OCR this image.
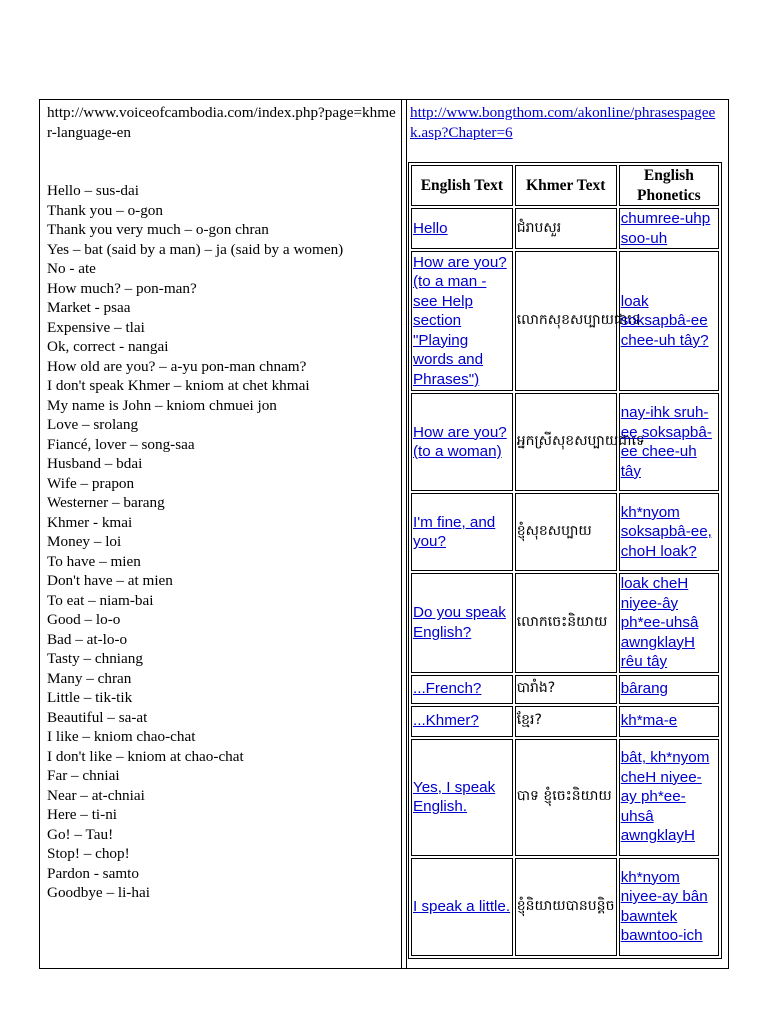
http://www.voiceofcambodia.com/index.php?page=khmer-language-en
Hello – sus-dai
Thank you – o-gon
Thank you very much – o-gon chran
Yes – bat (said by a man) – ja (said by a women)
No - ate
How much? – pon-man?
Market - psaa
Expensive – tlai
Ok, correct - nangai
How old are you? – a-yu pon-man chnam?
I don't speak Khmer – kniom at chet khmai
My name is John – kniom chmuei jon
Love – srolang
Fiancé, lover – song-saa
Husband – bdai
Wife – prapon
Westerner – barang
Khmer - kmai
Money – loi
To have – mien
Don't have – at mien
To eat – niam-bai
Good – lo-o
Bad – at-lo-o
Tasty – chniang
Many – chran
Little – tik-tik
Beautiful – sa-at
I like – kniom chao-chat
I don't like – kniom at chao-chat
Far – chniai
Near – at-chniai
Here – ti-ni
Go! – Tau!
Stop! – chop!
Pardon - samto
Goodbye – li-hai
http://www.bongthom.com/akonline/phrasespageek.asp?Chapter=6
English Text	Khmer Text	English Phonetics
Hello	ជំរាបសួរ	chumree-uhp soo-uh
How are you? (to a man - see Help section "Playing words and Phrases")	លោកសុខសប្បាយជាទេ	loak soksapbâ-ee chee-uh tây?
How are you? (to a woman)	អ្នកស្រីសុខសប្បាយជាទេ	nay-ihk sruh-ee soksapbâ-ee chee-uh tây
I'm fine, and you?	ខ្ញុំសុខសប្បាយ	kh*nyom soksapbâ-ee, choH loak?
Do you speak English?	លោកចេះនិយាយ	loak cheH niyee-ây ph*ee-uhsâ awngklayH rêu tây
...French?	បារាំង?	bârang
...Khmer?	ខ្មែរ?	kh*ma-e
Yes, I speak English.	បាទ ខ្ញុំចេះនិយាយ	bât, kh*nyom cheH niyee-ay ph*ee-uhsâ awngklayH
I speak a little.	ខ្ញុំនិយាយបានបន្តិច	kh*nyom niyee-ay bân bawntek bawntoo-ich
